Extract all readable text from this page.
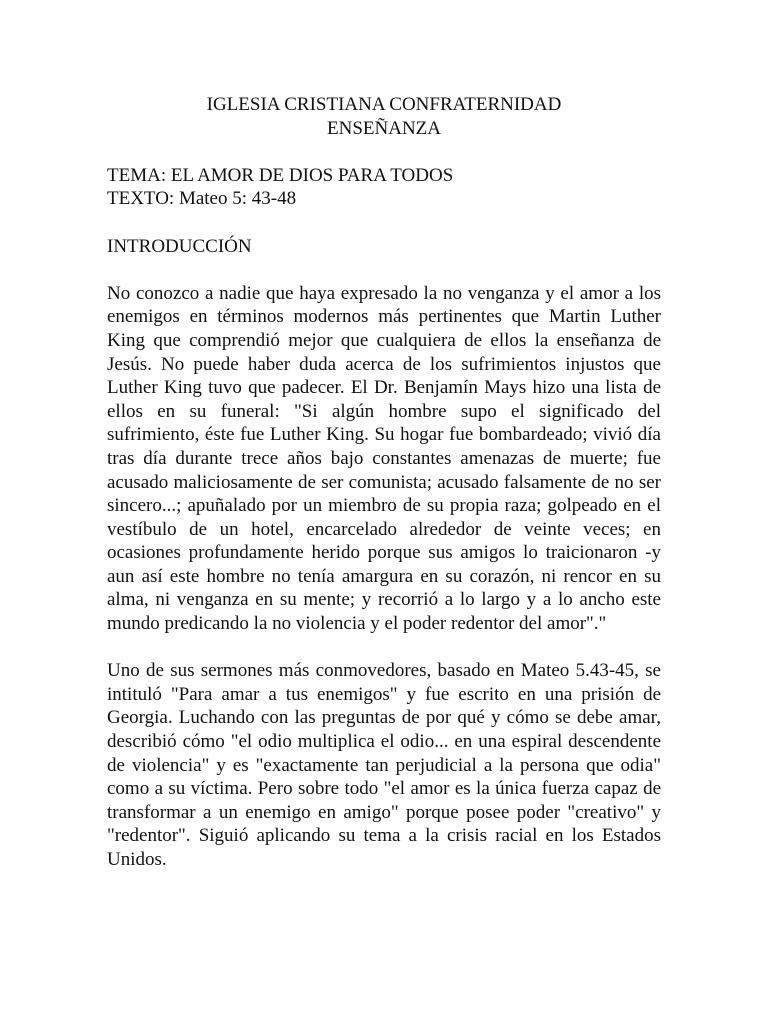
IGLESIA CRISTIANA CONFRATERNIDAD

ENSEÑANZA

TEMA: EL AMOR DE DIOS PARA TODOS

TEXTO: Mateo 5: 43-48

INTRODUCCIÓN

No conozco a nadie que haya expresado la no venganza y el amor a los enemigos en términos modernos más pertinentes que Martin Luther King que comprendió mejor que cualquiera de ellos la enseñanza de Jesús. No puede haber duda acerca de los sufrimientos injustos que Luther King tuvo que padecer. El Dr. Benjamín Mays hizo una lista de ellos en su funeral: "Si algún hombre supo el significado del sufrimiento, éste fue Luther King. Su hogar fue bombardeado; vivió día tras día durante trece años bajo constantes amenazas de muerte; fue acusado maliciosamente de ser comunista; acusado falsamente de no ser sincero...; apuñalado por un miembro de su propia raza; golpeado en el vestíbulo de un hotel, encarcelado alrededor de veinte veces; en ocasiones profundamente herido porque sus amigos lo traicionaron -y aun así este hombre no tenía amargura en su corazón, ni rencor en su alma, ni venganza en su mente; y recorrió a lo largo y a lo ancho este mundo predicando la no violencia y el poder redentor del amor"."

Uno de sus sermones más conmovedores, basado en Mateo 5.43-45, se intituló "Para amar a tus enemigos" y fue escrito en una prisión de Georgia. Luchando con las preguntas de por qué y cómo se debe amar, describió cómo "el odio multiplica el odio... en una espiral descendente de violencia" y es "exactamente tan perjudicial a la persona que odia" como a su víctima. Pero sobre todo "el amor es la única fuerza capaz de transformar a un enemigo en amigo" porque posee poder "creativo" y "redentor". Siguió aplicando su tema a la crisis racial en los Estados Unidos.
